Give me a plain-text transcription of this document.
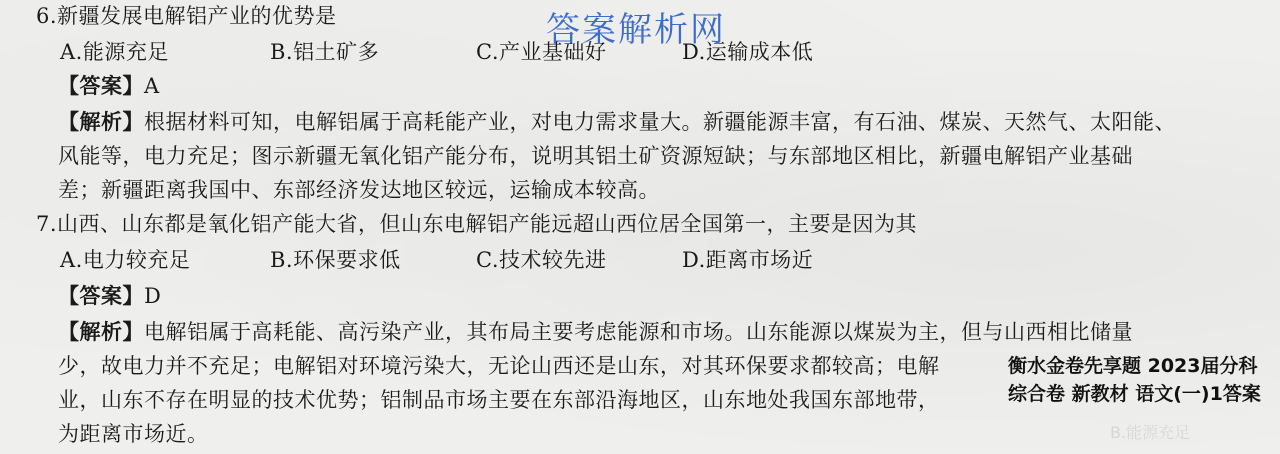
B.能源充足
6.新疆发展电解铝产业的优势是
A.能源充足	B.铝土矿多	C.产业基础好	D.运输成本低
【答案】A
【解析】根据材料可知，电解铝属于高耗能产业，对电力需求量大。新疆能源丰富，有石油、煤炭、天然气、太阳能、
风能等，电力充足；图示新疆无氧化铝产能分布，说明其铝土矿资源短缺；与东部地区相比，新疆电解铝产业基础
差；新疆距离我国中、东部经济发达地区较远，运输成本较高。
7.山西、山东都是氧化铝产能大省，但山东电解铝产能远超山西位居全国第一，主要是因为其
A.电力较充足	B.环保要求低	C.技术较先进	D.距离市场近
【答案】D
【解析】电解铝属于高耗能、高污染产业，其布局主要考虑能源和市场。山东能源以煤炭为主，但与山西相比储量
少，故电力并不充足；电解铝对环境污染大，无论山西还是山东，对其环保要求都较高；电解
业，山东不存在明显的技术优势；铝制品市场主要在东部沿海地区，山东地处我国东部地带，
为距离市场近。
答案解析网
衡水金卷先享题 2023届分科综合卷 新教材 语文(一)1答案
